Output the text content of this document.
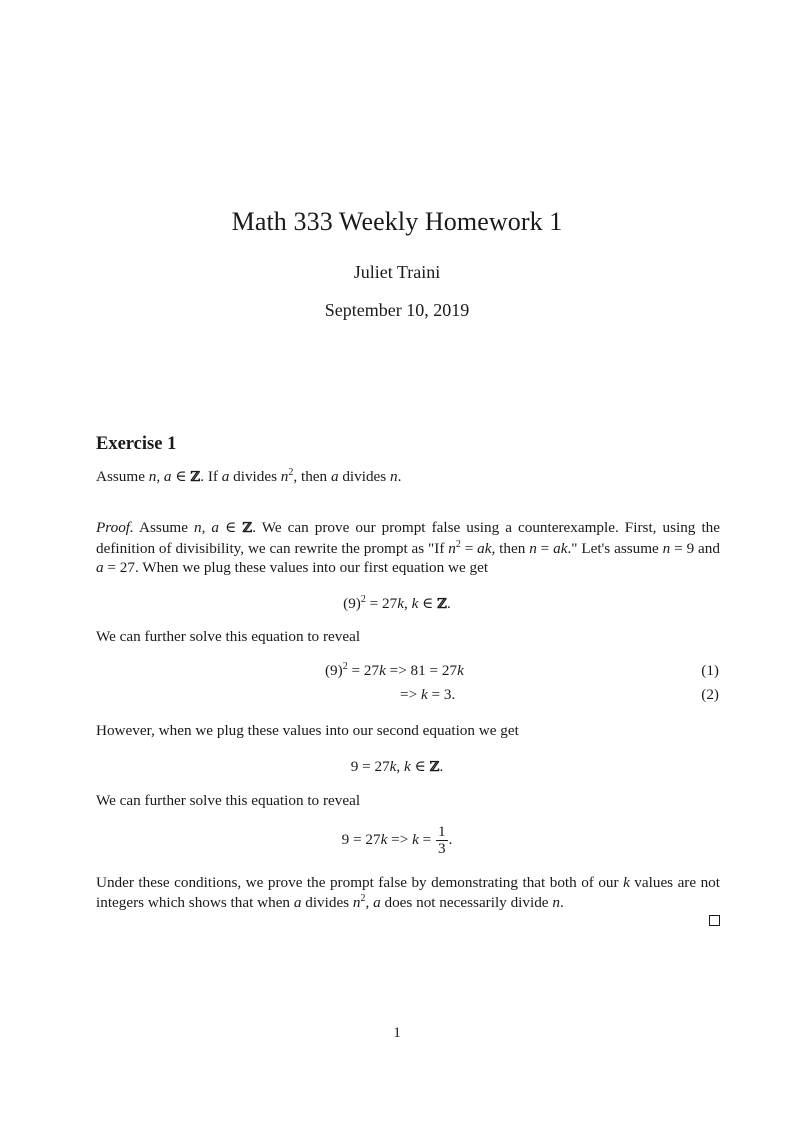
Math 333 Weekly Homework 1
Juliet Traini
September 10, 2019
Exercise 1
Assume n, a ∈ ℤ. If a divides $n^2$, then a divides n.
Proof. Assume n, a ∈ ℤ. We can prove our prompt false using a counterexample. First, using the definition of divisibility, we can rewrite the prompt as "If $n^2$ = ak, then n = ak." Let's assume n = 9 and a = 27. When we plug these values into our first equation we get
$(9)^2 = 27k$, k ∈ ℤ.
We can further solve this equation to reveal
$(9)^2 = 27k => 81 = 27k$	(1)
=> k = 3.	(2)
However, when we plug these values into our second equation we get
9 = 27k, k ∈ ℤ.
We can further solve this equation to reveal
$9 = 27k => k = \frac{1}{3}$ .
Under these conditions, we prove the prompt false by demonstrating that both of our k values are not integers which shows that when a divides $n^2$, a does not necessarily divide n.
1
